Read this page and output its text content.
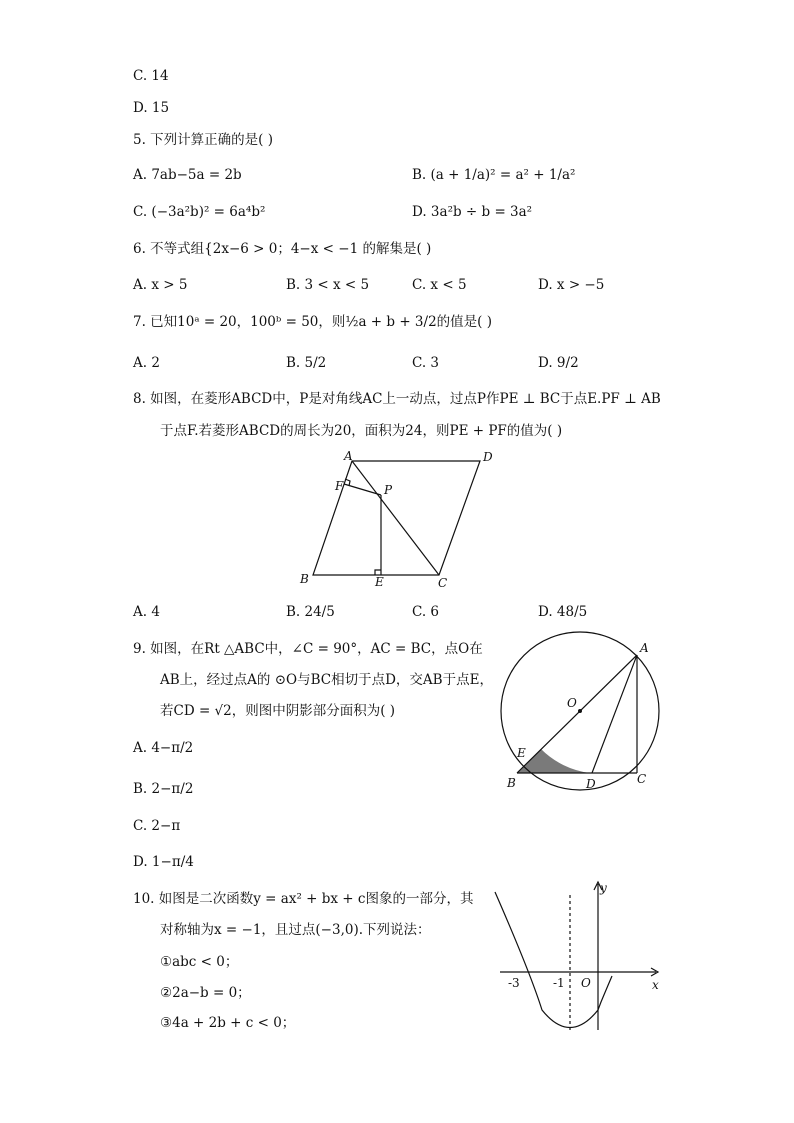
C. 14
D. 15
5. 下列计算正确的是( )
A. 7ab−5a = 2b	B. (a + 1/a)² = a² + 1/a²
C. (−3a²b)² = 6a⁴b²	D. 3a²b ÷ b = 3a²
6. 不等式组{2x−6 > 0；4−x < −1 的解集是( )
A. x > 5	B. 3 < x < 5	C. x < 5	D. x > −5
7. 已知10ᵃ = 20，100ᵇ = 50，则½a + b + 3/2的值是( )
A. 2	B. 5/2	C. 3	D. 9/2
8. 如图，在菱形ABCD中，P是对角线AC上一动点，过点P作PE ⊥ BC于点E.PF ⊥ AB
于点F.若菱形ABCD的周长为20，面积为24，则PE + PF的值为( )
A	D
B	C
E
F	P
A. 4	B. 24/5	C. 6	D. 48/5
9. 如图，在Rt △ABC中，∠C = 90°，AC = BC，点O在
AB上，经过点A的 ⊙O与BC相切于点D，交AB于点E，
若CD = √2，则图中阴影部分面积为( )
A
O
E
B	D	C
A. 4−π/2
B. 2−π/2
C. 2−π
D. 1−π/4
10. 如图是二次函数y = ax² + bx + c图象的一部分，其
对称轴为x = −1，且过点(−3,0).下列说法：
①abc < 0；
②2a−b = 0；
③4a + 2b + c < 0；
y
x
O
-3	-1
